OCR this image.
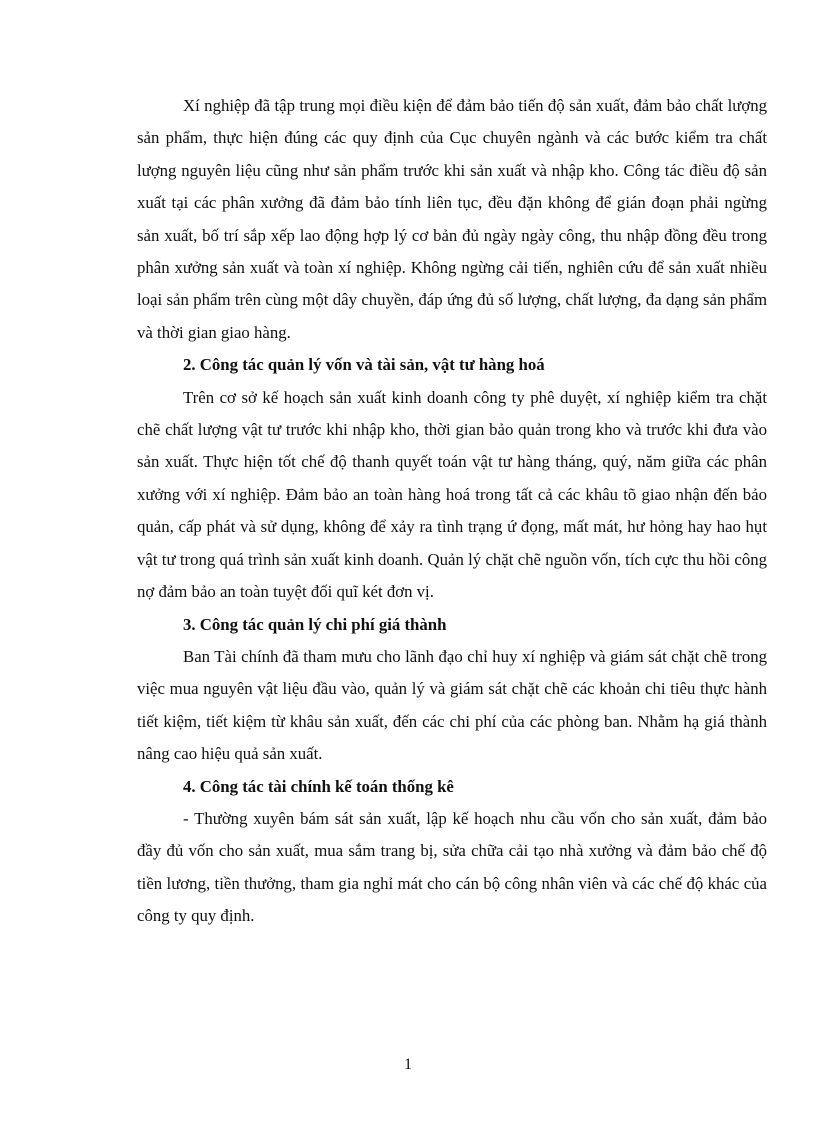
Xí nghiệp đã tập trung mọi điều kiện để đảm bảo tiến độ sản xuất, đảm bảo chất lượng sản phẩm, thực hiện đúng các quy định của Cục chuyên ngành và các bước kiểm tra chất lượng nguyên liệu cũng như sản phẩm trước khi sản xuất và nhập kho. Công tác điều độ sản xuất tại các phân xưởng đã đảm bảo tính liên tục, đều đặn không để gián đoạn phải ngừng sản xuất, bố trí sắp xếp lao động hợp lý cơ bản đủ ngày ngày công, thu nhập đồng đều trong phân xưởng sản xuất và toàn xí nghiệp. Không ngừng cải tiến, nghiên cứu để sản xuất nhiều loại sản phẩm trên cùng một dây chuyền, đáp ứng đủ số lượng, chất lượng, đa dạng sản phẩm và thời gian giao hàng.

2. Công tác quản lý vốn và tài sản, vật tư hàng hoá

Trên cơ sở kế hoạch sản xuất kinh doanh công ty phê duyệt, xí nghiệp kiểm tra chặt chẽ chất lượng vật tư trước khi nhập kho, thời gian bảo quản trong kho và trước khi đưa vào sản xuất. Thực hiện tốt chế độ thanh quyết toán vật tư hàng tháng, quý, năm giữa các phân xưởng với xí nghiệp. Đảm bảo an toàn hàng hoá trong tất cả các khâu tõ giao nhận đến bảo quản, cấp phát và sử dụng, không để xảy ra tình trạng ứ đọng, mất mát, hư hỏng hay hao hụt vật tư trong quá trình sản xuất kinh doanh. Quản lý chặt chẽ nguồn vốn, tích cực thu hồi công nợ đảm bảo an toàn tuyệt đối quĩ két đơn vị.

3. Công tác quản lý chi phí giá thành

Ban Tài chính đã tham mưu cho lãnh đạo chỉ huy xí nghiệp và giám sát chặt chẽ trong việc mua nguyên vật liệu đầu vào, quản lý và giám sát chặt chẽ các khoản chi tiêu thực hành tiết kiệm, tiết kiệm từ khâu sản xuất, đến các chi phí của các phòng ban. Nhằm hạ giá thành nâng cao hiệu quả sản xuất.

4. Công tác tài chính kế toán thống kê

- Thường xuyên bám sát sản xuất, lập kế hoạch nhu cầu vốn cho sản xuất, đảm bảo đầy đủ vốn cho sản xuất, mua sắm trang bị, sửa chữa cải tạo nhà xưởng và đảm bảo chế độ tiền lương, tiền thưởng, tham gia nghỉ mát cho cán bộ công nhân viên và các chế độ khác của công ty quy định.

1
